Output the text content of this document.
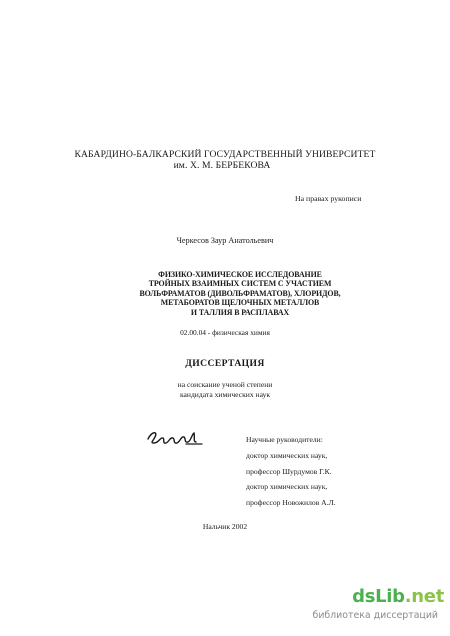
КАБАРДИНО-БАЛКАРСКИЙ ГОСУДАРСТВЕННЫЙ УНИВЕРСИТЕТ

им. Х. М. БЕРБЕКОВА
На правах рукописи
Черкесов Заур Анатольевич
ФИЗИКО-ХИМИЧЕСКОЕ ИССЛЕДОВАНИЕ
ТРОЙНЫХ ВЗАИМНЫХ СИСТЕМ С УЧАСТИЕМ
ВОЛЬФРАМАТОВ (ДИВОЛЬФРАМАТОВ), ХЛОРИДОВ,
МЕТАБОРАТОВ ЩЕЛОЧНЫХ МЕТАЛЛОВ
И ТАЛЛИЯ В РАСПЛАВАХ
02.00.04 - физическая химия
ДИССЕРТАЦИЯ
на соискание ученой степени
кандидата химических наук
Научные руководители:
доктор химических наук,
профессор Шурдумов Г.К.
доктор химических наук,
профессор Новожилов А.Л.
Нальчик 2002
dsLib.net
библиотека диссертаций
